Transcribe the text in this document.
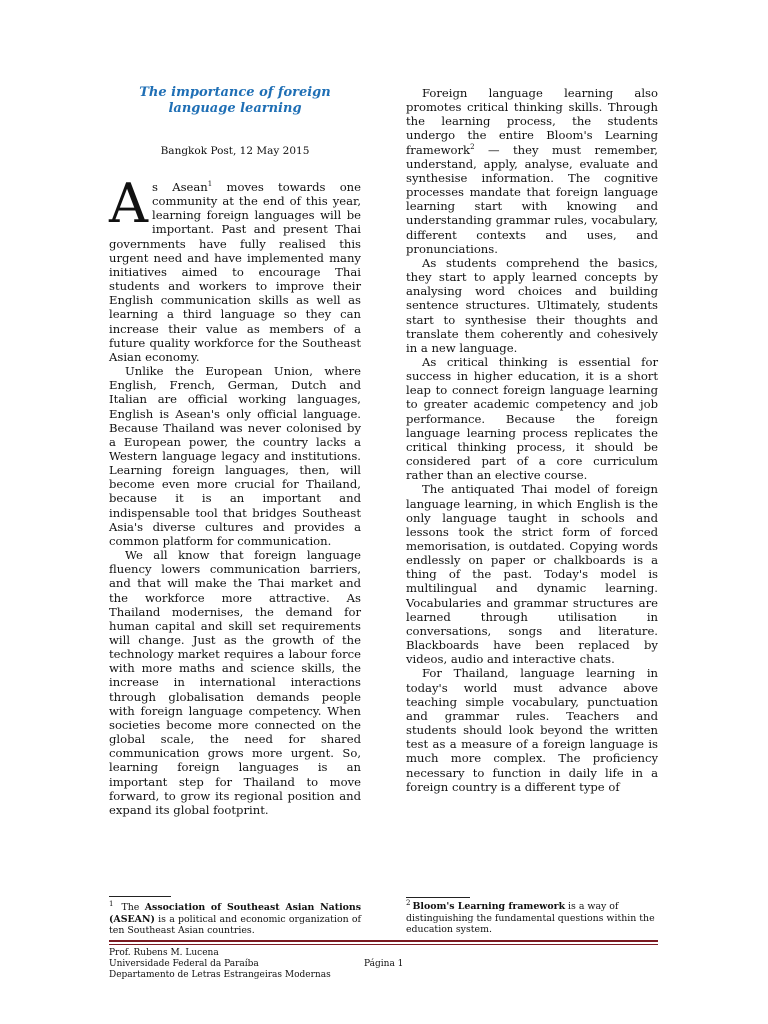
The importance of foreign language learning

Bangkok Post, 12 May 2015

As Asean$^1$ moves towards one community at the end of this year, learning foreign languages will be important. Past and present Thai governments have fully realised this urgent need and have implemented many initiatives aimed to encourage Thai students and workers to improve their English communication skills as well as learning a third language so they can increase their value as members of a future quality workforce for the Southeast Asian economy.

Unlike the European Union, where English, French, German, Dutch and Italian are official working languages, English is Asean's only official language. Because Thailand was never colonised by a European power, the country lacks a Western language legacy and institutions. Learning foreign languages, then, will become even more crucial for Thailand, because it is an important and indispensable tool that bridges Southeast Asia's diverse cultures and provides a common platform for communication.

We all know that foreign language fluency lowers communication barriers, and that will make the Thai market and the workforce more attractive. As Thailand modernises, the demand for human capital and skill set requirements will change. Just as the growth of the technology market requires a labour force with more maths and science skills, the increase in international interactions through globalisation demands people with foreign language competency. When societies become more connected on the global scale, the need for shared communication grows more urgent. So, learning foreign languages is an important step for Thailand to move forward, to grow its regional position and expand its global footprint.

Foreign language learning also promotes critical thinking skills. Through the learning process, the students undergo the entire Bloom's Learning framework$^2$ — they must remember, understand, apply, analyse, evaluate and synthesise information. The cognitive processes mandate that foreign language learning start with knowing and understanding grammar rules, vocabulary, different contexts and uses, and pronunciations.

As students comprehend the basics, they start to apply learned concepts by analysing word choices and building sentence structures. Ultimately, students start to synthesise their thoughts and translate them coherently and cohesively in a new language.

As critical thinking is essential for success in higher education, it is a short leap to connect foreign language learning to greater academic competency and job performance. Because the foreign language learning process replicates the critical thinking process, it should be considered part of a core curriculum rather than an elective course.

The antiquated Thai model of foreign language learning, in which English is the only language taught in schools and lessons took the strict form of forced memorisation, is outdated. Copying words endlessly on paper or chalkboards is a thing of the past. Today's model is multilingual and dynamic learning. Vocabularies and grammar structures are learned through utilisation in conversations, songs and literature. Blackboards have been replaced by videos, audio and interactive chats.

For Thailand, language learning in today's world must advance above teaching simple vocabulary, punctuation and grammar rules. Teachers and students should look beyond the written test as a measure of a foreign language is much more complex. The proficiency necessary to function in daily life in a foreign country is a different type of

$^1$ The Association of Southeast Asian Nations (ASEAN) is a political and economic organization of ten Southeast Asian countries.

$^2$ Bloom's Learning framework is a way of distinguishing the fundamental questions within the education system.

Prof. Rubens M. Lucena
Universidade Federal da Paraíba
Departamento de Letras Estrangeiras Modernas

Página 1
